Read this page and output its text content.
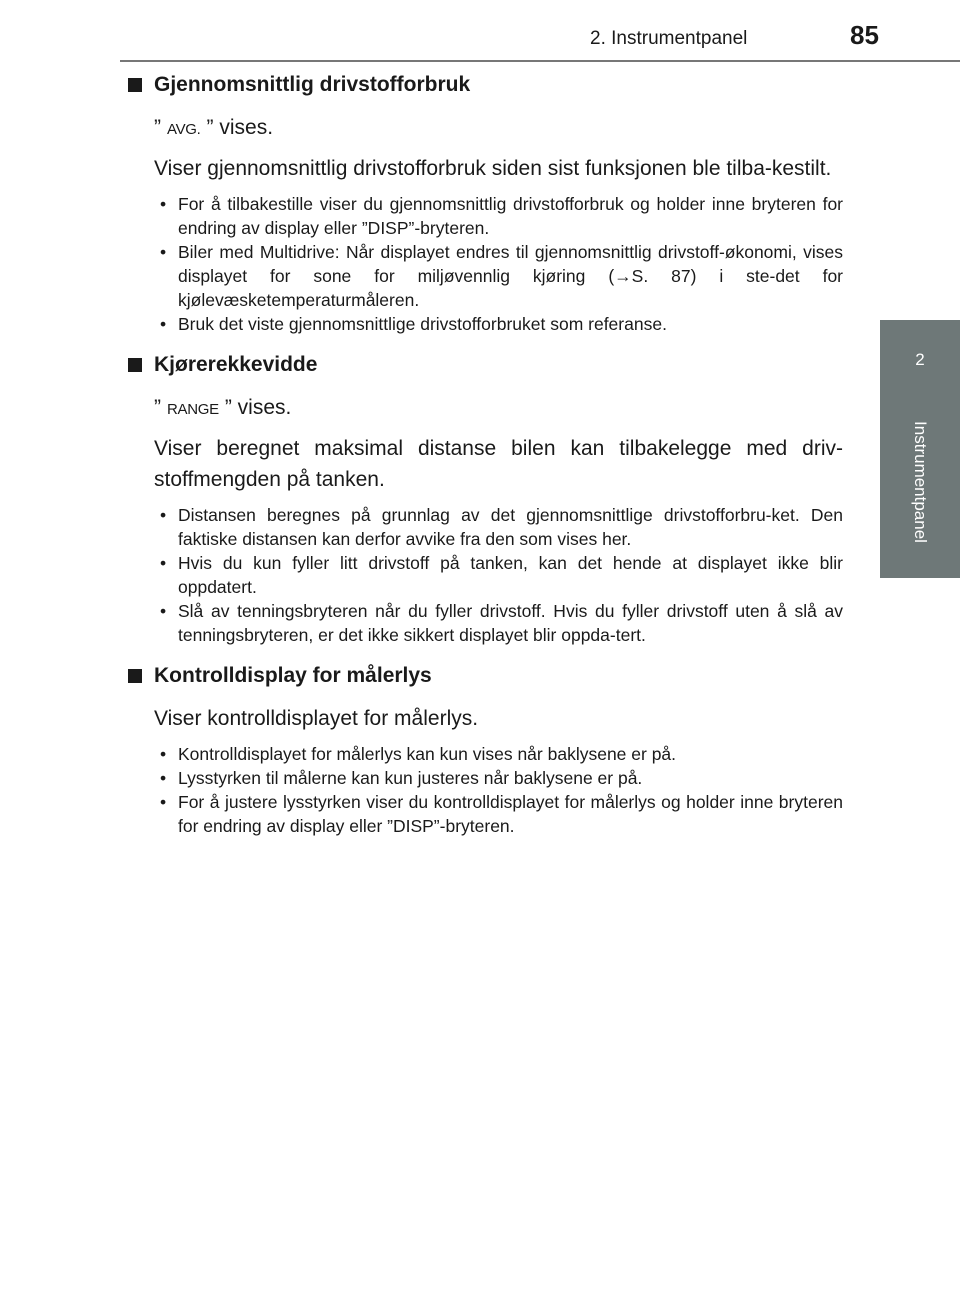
2. Instrumentpanel	85
2
Instrumentpanel
Gjennomsnittlig drivstofforbruk
” AVG. ” vises.
Viser gjennomsnittlig drivstofforbruk siden sist funksjonen ble tilba-kestilt.
• For å tilbakestille viser du gjennomsnittlig drivstofforbruk og holder inne bryteren for endring av display eller ”DISP”-bryteren.
• Biler med Multidrive: Når displayet endres til gjennomsnittlig drivstoff-økonomi, vises displayet for sone for miljøvennlig kjøring (→S. 87) i ste-det for kjølevæsketemperaturmåleren.
• Bruk det viste gjennomsnittlige drivstofforbruket som referanse.
Kjørerekkevidde
” RANGE ” vises.
Viser beregnet maksimal distanse bilen kan tilbakelegge med driv-stoffmengden på tanken.
• Distansen beregnes på grunnlag av det gjennomsnittlige drivstofforbru-ket. Den faktiske distansen kan derfor avvike fra den som vises her.
• Hvis du kun fyller litt drivstoff på tanken, kan det hende at displayet ikke blir oppdatert.
• Slå av tenningsbryteren når du fyller drivstoff. Hvis du fyller drivstoff uten å slå av tenningsbryteren, er det ikke sikkert displayet blir oppda-tert.
Kontrolldisplay for målerlys
Viser kontrolldisplayet for målerlys.
• Kontrolldisplayet for målerlys kan kun vises når baklysene er på.
• Lysstyrken til målerne kan kun justeres når baklysene er på.
• For å justere lysstyrken viser du kontrolldisplayet for målerlys og holder inne bryteren for endring av display eller ”DISP”-bryteren.
